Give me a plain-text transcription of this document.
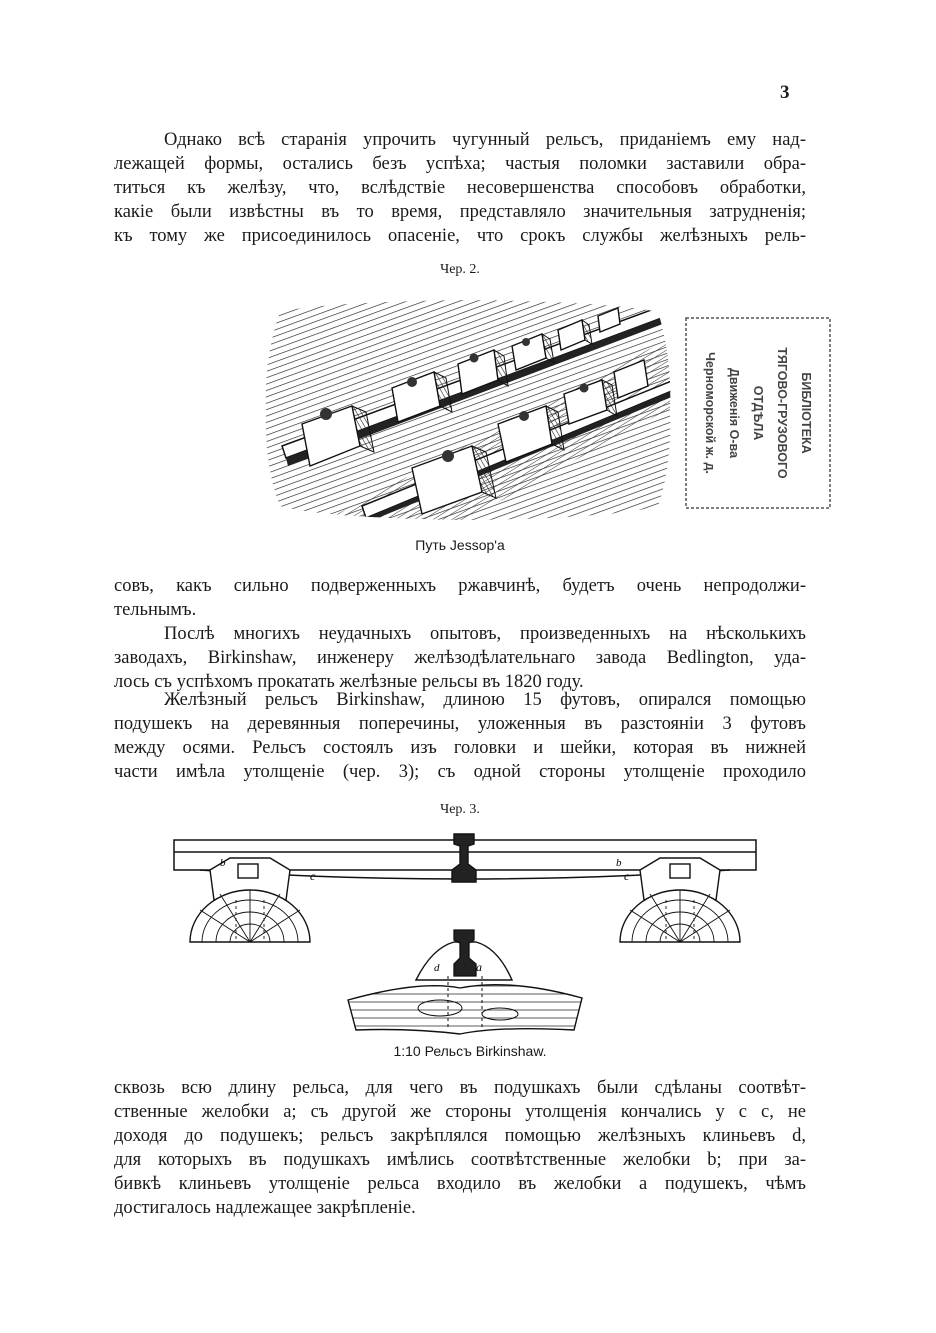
3
Однако всѣ старанія упрочить чугунный рельсъ, приданіемъ ему над-
лежащей формы, остались безъ успѣха; частыя поломки заставили обра-
титься къ желѣзу, что, вслѣдствіе несовершенства способовъ обработки,
какіе были извѣстны въ то время, представляло значительныя затрудненія;
къ тому же присоединилось опасеніе, что срокъ службы желѣзныхъ рель-
Чер. 2.
БИБЛІОТЕКА
ТЯГОВО-ГРУЗОВОГО ОТДѢЛА
Движенія О-ва
Черноморской ж. д.
Путь Jessop'а
совъ, какъ сильно подверженныхъ ржавчинѣ, будетъ очень непродолжи-
тельнымъ.
Послѣ многихъ неудачныхъ опытовъ, произведенныхъ на нѣсколькихъ
заводахъ, Birkinshaw, инженеру желѣзодѣлательнаго завода Bedlington, уда-
лось съ успѣхомъ прокатать желѣзные рельсы въ 1820 году.
Желѣзный рельсъ Birkinshaw, длиною 15 футовъ, опирался помощью
подушекъ на деревянныя поперечины, уложенныя въ разстояніи 3 футовъ
между осями. Рельсъ состоялъ изъ головки и шейки, которая въ нижней
части имѣла утолщеніе (чер. 3); съ одной стороны утолщеніе проходило
Чер. 3.
c	c
b	b
a
d
1:10 Рельсъ Birkinshaw.
сквозь всю длину рельса, для чего въ подушкахъ были сдѣланы соотвѣт-
ственные желобки a; съ другой же стороны утолщенія кончались у c c, не
доходя до подушекъ; рельсъ закрѣплялся помощью желѣзныхъ клиньевъ d,
для которыхъ въ подушкахъ имѣлись соотвѣтственные желобки b; при за-
бивкѣ клиньевъ утолщеніе рельса входило въ желобки a подушекъ, чѣмъ
достигалось надлежащее закрѣпленіе.
